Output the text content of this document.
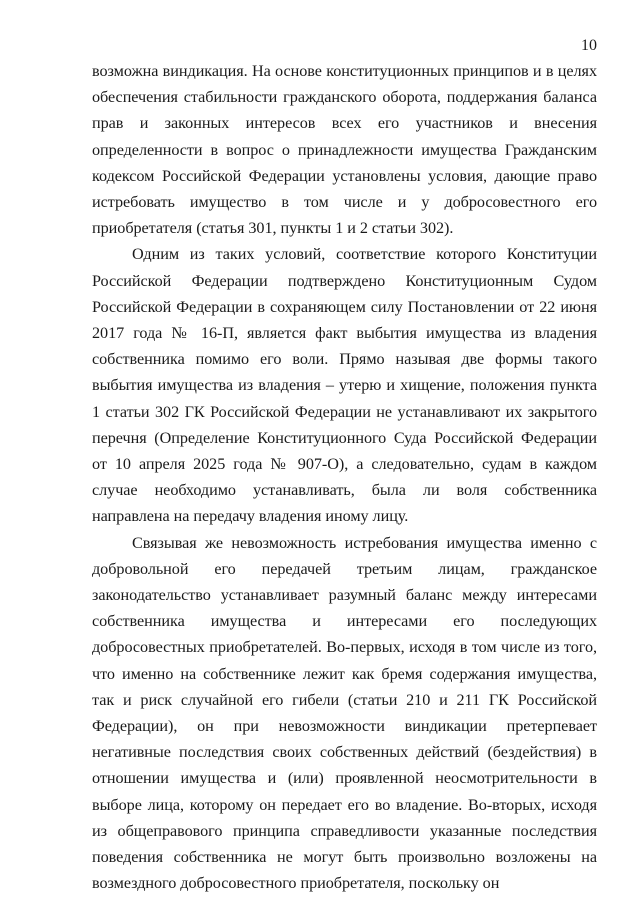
10

возможна виндикация. На основе конституционных принципов и в целях обеспечения стабильности гражданского оборота, поддержания баланса прав и законных интересов всех его участников и внесения определенности в вопрос о принадлежности имущества Гражданским кодексом Российской Федерации установлены условия, дающие право истребовать имущество в том числе и у добросовестного его приобретателя (статья 301, пункты 1 и 2 статьи 302).

Одним из таких условий, соответствие которого Конституции Российской Федерации подтверждено Конституционным Судом Российской Федерации в сохраняющем силу Постановлении от 22 июня 2017 года № 16-П, является факт выбытия имущества из владения собственника помимо его воли. Прямо называя две формы такого выбытия имущества из владения – утерю и хищение, положения пункта 1 статьи 302 ГК Российской Федерации не устанавливают их закрытого перечня (Определение Конституционного Суда Российской Федерации от 10 апреля 2025 года № 907-О), а следовательно, судам в каждом случае необходимо устанавливать, была ли воля собственника направлена на передачу владения иному лицу.

Связывая же невозможность истребования имущества именно с добровольной его передачей третьим лицам, гражданское законодательство устанавливает разумный баланс между интересами собственника имущества и интересами его последующих добросовестных приобретателей. Во-первых, исходя в том числе из того, что именно на собственнике лежит как бремя содержания имущества, так и риск случайной его гибели (статьи 210 и 211 ГК Российской Федерации), он при невозможности виндикации претерпевает негативные последствия своих собственных действий (бездействия) в отношении имущества и (или) проявленной неосмотрительности в выборе лица, которому он передает его во владение. Во-вторых, исходя из общеправового принципа справедливости указанные последствия поведения собственника не могут быть произвольно возложены на возмездного добросовестного приобретателя, поскольку он
